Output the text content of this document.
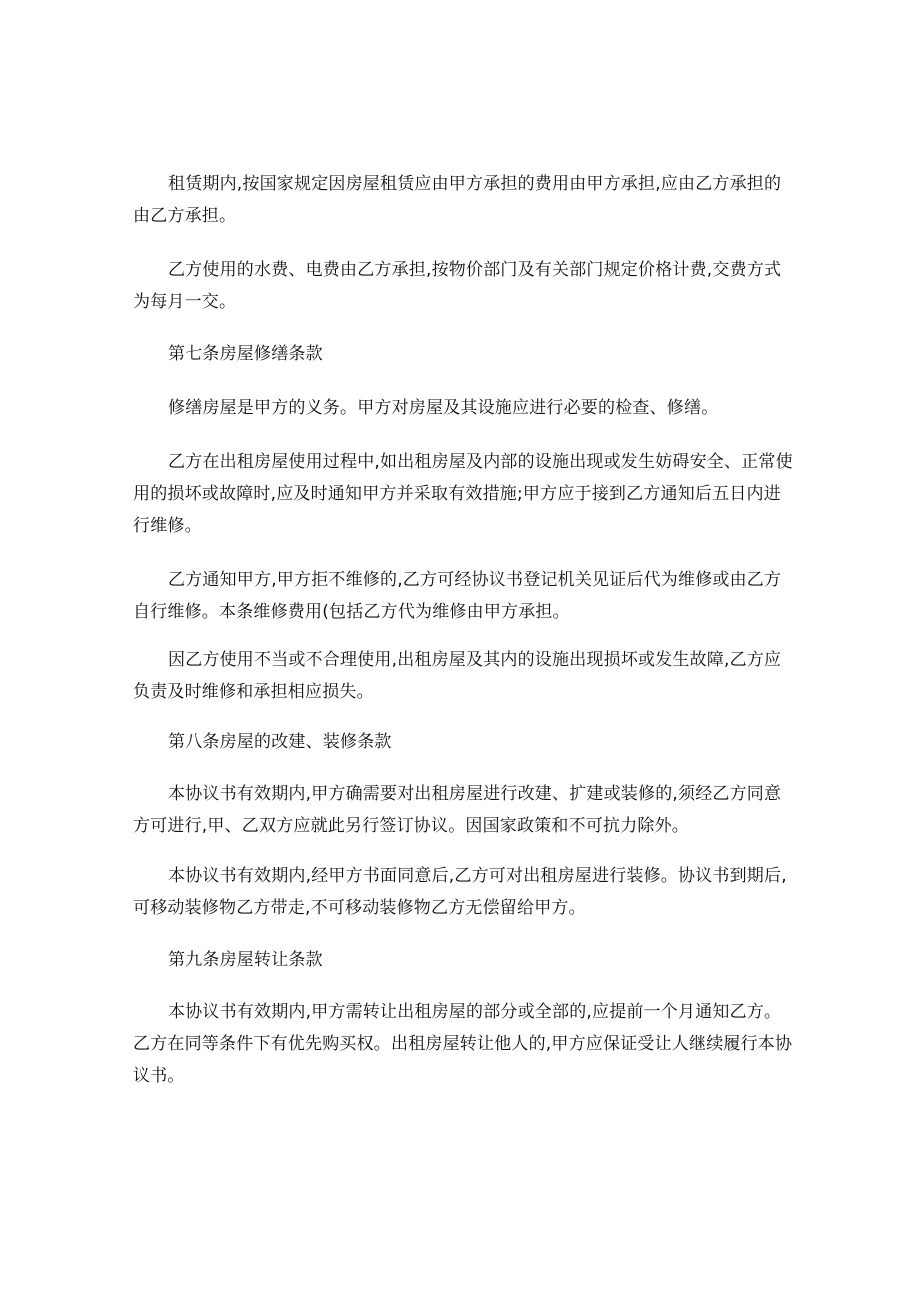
租赁期内,按国家规定因房屋租赁应由甲方承担的费用由甲方承担,应由乙方承担的由乙方承担。

乙方使用的水费、电费由乙方承担,按物价部门及有关部门规定价格计费,交费方式为每月一交。

第七条房屋修缮条款

修缮房屋是甲方的义务。甲方对房屋及其设施应进行必要的检查、修缮。

乙方在出租房屋使用过程中,如出租房屋及内部的设施出现或发生妨碍安全、正常使用的损坏或故障时,应及时通知甲方并采取有效措施;甲方应于接到乙方通知后五日内进行维修。

乙方通知甲方,甲方拒不维修的,乙方可经协议书登记机关见证后代为维修或由乙方自行维修。本条维修费用(包括乙方代为维修由甲方承担。

因乙方使用不当或不合理使用,出租房屋及其内的设施出现损坏或发生故障,乙方应负责及时维修和承担相应损失。

第八条房屋的改建、装修条款

本协议书有效期内,甲方确需要对出租房屋进行改建、扩建或装修的,须经乙方同意方可进行,甲、乙双方应就此另行签订协议。因国家政策和不可抗力除外。

本协议书有效期内,经甲方书面同意后,乙方可对出租房屋进行装修。协议书到期后,可移动装修物乙方带走,不可移动装修物乙方无偿留给甲方。

第九条房屋转让条款

本协议书有效期内,甲方需转让出租房屋的部分或全部的,应提前一个月通知乙方。乙方在同等条件下有优先购买权。出租房屋转让他人的,甲方应保证受让人继续履行本协议书。
